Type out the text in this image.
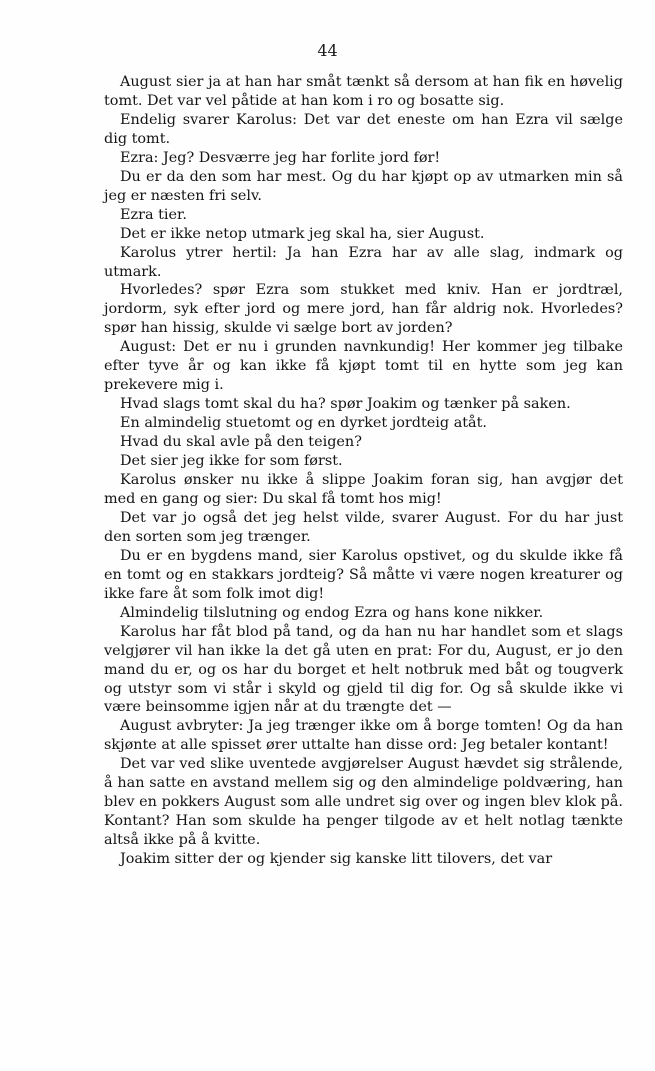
44

August sier ja at han har småt tænkt så dersom at han fik en høvelig tomt. Det var vel påtide at han kom i ro og bosatte sig.

Endelig svarer Karolus: Det var det eneste om han Ezra vil sælge dig tomt.

Ezra: Jeg? Desværre jeg har forlite jord før!

Du er da den som har mest. Og du har kjøpt op av utmarken min så jeg er næsten fri selv.

Ezra tier.

Det er ikke netop utmark jeg skal ha, sier August.

Karolus ytrer hertil: Ja han Ezra har av alle slag, indmark og utmark.

Hvorledes? spør Ezra som stukket med kniv. Han er jordtræl, jordorm, syk efter jord og mere jord, han får aldrig nok. Hvorledes? spør han hissig, skulde vi sælge bort av jorden?

August: Det er nu i grunden navnkundig! Her kommer jeg tilbake efter tyve år og kan ikke få kjøpt tomt til en hytte som jeg kan prekevere mig i.

Hvad slags tomt skal du ha? spør Joakim og tænker på saken.

En almindelig stuetomt og en dyrket jordteig atåt.

Hvad du skal avle på den teigen?

Det sier jeg ikke for som først.

Karolus ønsker nu ikke å slippe Joakim foran sig, han avgjør det med en gang og sier: Du skal få tomt hos mig!

Det var jo også det jeg helst vilde, svarer August. For du har just den sorten som jeg trænger.

Du er en bygdens mand, sier Karolus opstivet, og du skulde ikke få en tomt og en stakkars jordteig? Så måtte vi være nogen kreaturer og ikke fare åt som folk imot dig!

Almindelig tilslutning og endog Ezra og hans kone nikker.

Karolus har fåt blod på tand, og da han nu har handlet som et slags velgjører vil han ikke la det gå uten en prat: For du, August, er jo den mand du er, og os har du borget et helt notbruk med båt og tougverk og utstyr som vi står i skyld og gjeld til dig for. Og så skulde ikke vi være beinsomme igjen når at du trængte det —

August avbryter: Ja jeg trænger ikke om å borge tomten! Og da han skjønte at alle spisset ører uttalte han disse ord: Jeg betaler kontant!

Det var ved slike uventede avgjørelser August hævdet sig strålende, å han satte en avstand mellem sig og den almindelige poldværing, han blev en pokkers August som alle undret sig over og ingen blev klok på. Kontant? Han som skulde ha penger tilgode av et helt notlag tænkte altså ikke på å kvitte.

Joakim sitter der og kjender sig kanske litt tilovers, det var
